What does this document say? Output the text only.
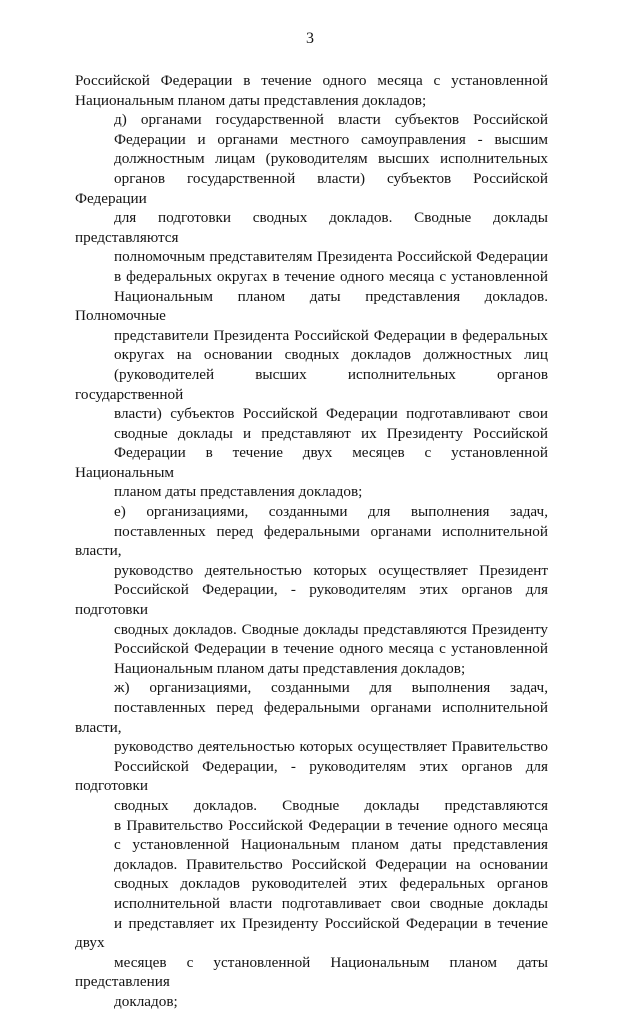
3

Российской Федерации в течение одного месяца с установленной
Национальным планом даты представления докладов;

д) органами государственной власти субъектов Российской
Федерации и органами местного самоуправления - высшим
должностным лицам (руководителям высших исполнительных
органов государственной власти) субъектов Российской Федерации
для подготовки сводных докладов. Сводные доклады представляются
полномочным представителям Президента Российской Федерации
в федеральных округах в течение одного месяца с установленной
Национальным планом даты представления докладов. Полномочные
представители Президента Российской Федерации в федеральных
округах на основании сводных докладов должностных лиц
(руководителей высших исполнительных органов государственной
власти) субъектов Российской Федерации подготавливают свои
сводные доклады и представляют их Президенту Российской
Федерации в течение двух месяцев с установленной Национальным
планом даты представления докладов;

е) организациями, созданными для выполнения задач,
поставленных перед федеральными органами исполнительной власти,
руководство деятельностью которых осуществляет Президент
Российской Федерации, - руководителям этих органов для подготовки
сводных докладов. Сводные доклады представляются Президенту
Российской Федерации в течение одного месяца с установленной
Национальным планом даты представления докладов;

ж) организациями, созданными для выполнения задач,
поставленных перед федеральными органами исполнительной власти,
руководство деятельностью которых осуществляет Правительство
Российской Федерации, - руководителям этих органов для подготовки
сводных докладов. Сводные доклады представляются
в Правительство Российской Федерации в течение одного месяца
с установленной Национальным планом даты представления
докладов. Правительство Российской Федерации на основании
сводных докладов руководителей этих федеральных органов
исполнительной власти подготавливает свои сводные доклады
и представляет их Президенту Российской Федерации в течение двух
месяцев с установленной Национальным планом даты представления
докладов;
